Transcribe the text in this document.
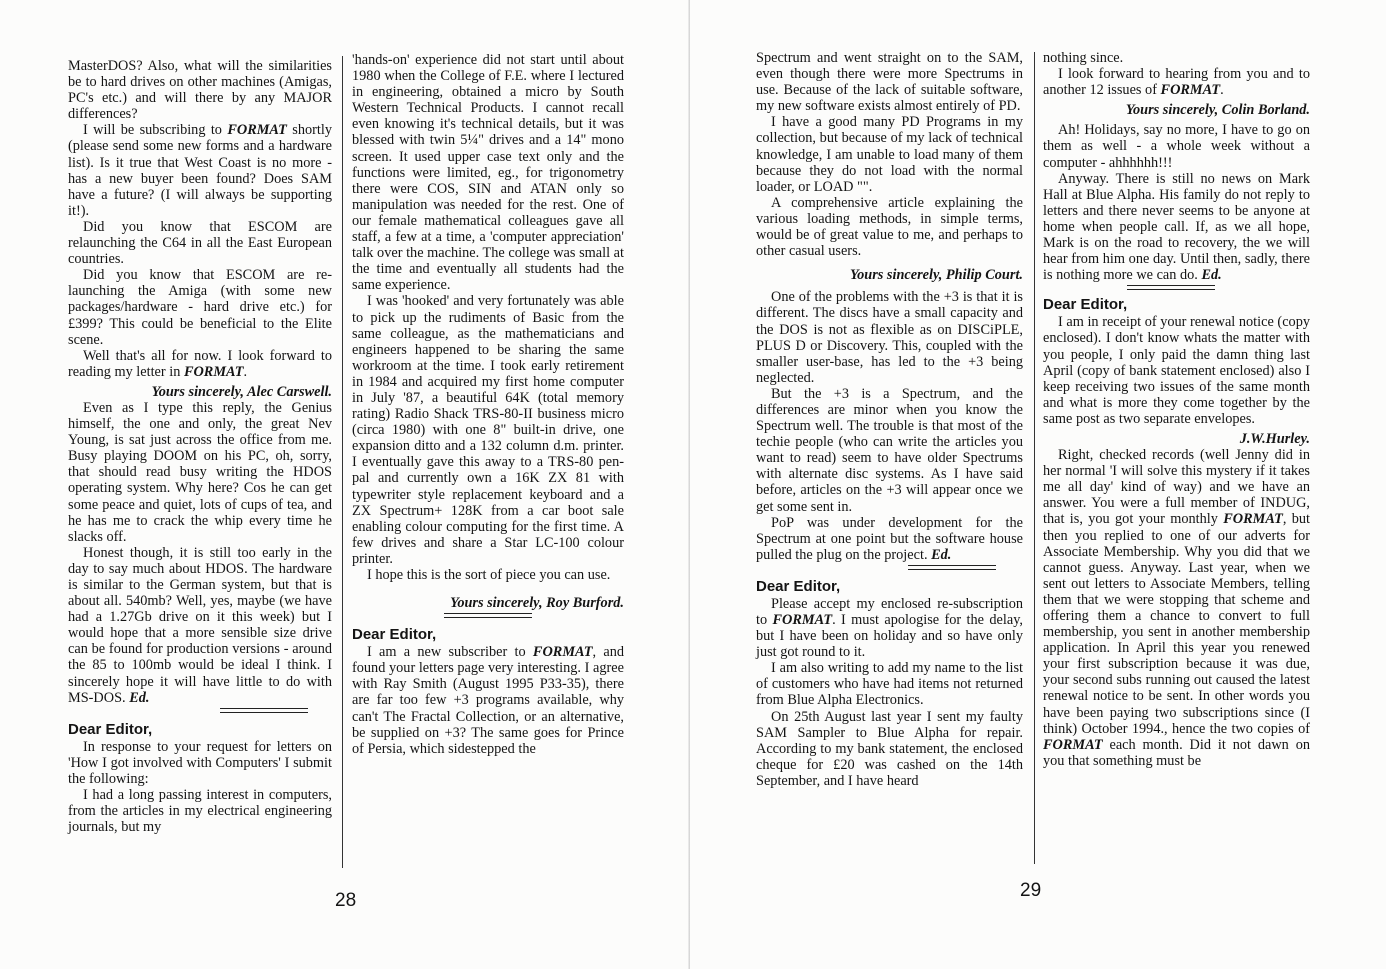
MasterDOS? Also, what will the similarities be to hard drives on other machines (Amigas, PC's etc.) and will there by any MAJOR differences?

I will be subscribing to FORMAT shortly (please send some new forms and a hardware list). Is it true that West Coast is no more - has a new buyer been found? Does SAM have a future? (I will always be supporting it!).

Did you know that ESCOM are relaunching the C64 in all the East European countries.

Did you know that ESCOM are re-launching the Amiga (with some new packages/hardware - hard drive etc.) for £399? This could be beneficial to the Elite scene.

Well that's all for now. I look forward to reading my letter in FORMAT.

Yours sincerely, Alec Carswell.

Even as I type this reply, the Genius himself, the one and only, the great Nev Young, is sat just across the office from me. Busy playing DOOM on his PC, oh, sorry, that should read busy writing the HDOS operating system. Why here? Cos he can get some peace and quiet, lots of cups of tea, and he has me to crack the whip every time he slacks off.

Honest though, it is still too early in the day to say much about HDOS. The hardware is similar to the German system, but that is about all. 540mb? Well, yes, maybe (we have had a 1.27Gb drive on it this week) but I would hope that a more sensible size drive can be found for production versions - around the 85 to 100mb would be ideal I think. I sincerely hope it will have little to do with MS-DOS. Ed.

Dear Editor,

In response to your request for letters on 'How I got involved with Computers' I submit the following:

I had a long passing interest in computers, from the articles in my electrical engineering journals, but my

'hands-on' experience did not start until about 1980 when the College of F.E. where I lectured in engineering, obtained a micro by South Western Technical Products. I cannot recall even knowing it's technical details, but it was blessed with twin 5¼" drives and a 14" mono screen. It used upper case text only and the functions were limited, eg., for trigonometry there were COS, SIN and ATAN only so manipulation was needed for the rest. One of our female mathematical colleagues gave all staff, a few at a time, a 'computer appreciation' talk over the machine. The college was small at the time and eventually all students had the same experience.

I was 'hooked' and very fortunately was able to pick up the rudiments of Basic from the same colleague, as the mathematicians and engineers happened to be sharing the same workroom at the time. I took early retirement in 1984 and acquired my first home computer in July '87, a beautiful 64K (total memory rating) Radio Shack TRS-80-II business micro (circa 1980) with one 8" built-in drive, one expansion ditto and a 132 column d.m. printer. I eventually gave this away to a TRS-80 pen-pal and currently own a 16K ZX 81 with typewriter style replacement keyboard and a ZX Spectrum+ 128K from a car boot sale enabling colour computing for the first time. A few drives and share a Star LC-100 colour printer.

I hope this is the sort of piece you can use.

Yours sincerely, Roy Burford.

Dear Editor,

I am a new subscriber to FORMAT, and found your letters page very interesting. I agree with Ray Smith (August 1995 P33-35), there are far too few +3 programs available, why can't The Fractal Collection, or an alternative, be supplied on +3? The same goes for Prince of Persia, which sidestepped the

28

Spectrum and went straight on to the SAM, even though there were more Spectrums in use. Because of the lack of suitable software, my new software exists almost entirely of PD.

I have a good many PD Programs in my collection, but because of my lack of technical knowledge, I am unable to load many of them because they do not load with the normal loader, or LOAD "".

A comprehensive article explaining the various loading methods, in simple terms, would be of great value to me, and perhaps to other casual users.

Yours sincerely, Philip Court.

One of the problems with the +3 is that it is different. The discs have a small capacity and the DOS is not as flexible as on DISCiPLE, PLUS D or Discovery. This, coupled with the smaller user-base, has led to the +3 being neglected.

But the +3 is a Spectrum, and the differences are minor when you know the Spectrum well. The trouble is that most of the techie people (who can write the articles you want to read) seem to have older Spectrums with alternate disc systems. As I have said before, articles on the +3 will appear once we get some sent in.

PoP was under development for the Spectrum at one point but the software house pulled the plug on the project. Ed.

Dear Editor,

Please accept my enclosed re-subscription to FORMAT. I must apologise for the delay, but I have been on holiday and so have only just got round to it.

I am also writing to add my name to the list of customers who have had items not returned from Blue Alpha Electronics.

On 25th August last year I sent my faulty SAM Sampler to Blue Alpha for repair. According to my bank statement, the enclosed cheque for £20 was cashed on the 14th September, and I have heard

nothing since.

I look forward to hearing from you and to another 12 issues of FORMAT.

Yours sincerely, Colin Borland.

Ah! Holidays, say no more, I have to go on them as well - a whole week without a computer - ahhhhhh!!!

Anyway. There is still no news on Mark Hall at Blue Alpha. His family do not reply to letters and there never seems to be anyone at home when people call. If, as we all hope, Mark is on the road to recovery, the we will hear from him one day. Until then, sadly, there is nothing more we can do. Ed.

Dear Editor,

I am in receipt of your renewal notice (copy enclosed). I don't know whats the matter with you people, I only paid the damn thing last April (copy of bank statement enclosed) also I keep receiving two issues of the same month and what is more they come together by the same post as two separate envelopes.

J.W.Hurley.

Right, checked records (well Jenny did in her normal 'I will solve this mystery if it takes me all day' kind of way) and we have an answer. You were a full member of INDUG, that is, you got your monthly FORMAT, but then you replied to one of our adverts for Associate Membership. Why you did that we cannot guess. Anyway. Last year, when we sent out letters to Associate Members, telling them that we were stopping that scheme and offering them a chance to convert to full membership, you sent in another membership application. In April this year you renewed your first subscription because it was due, your second subs running out caused the latest renewal notice to be sent. In other words you have been paying two subscriptions since (I think) October 1994., hence the two copies of FORMAT each month. Did it not dawn on you that something must be

29
